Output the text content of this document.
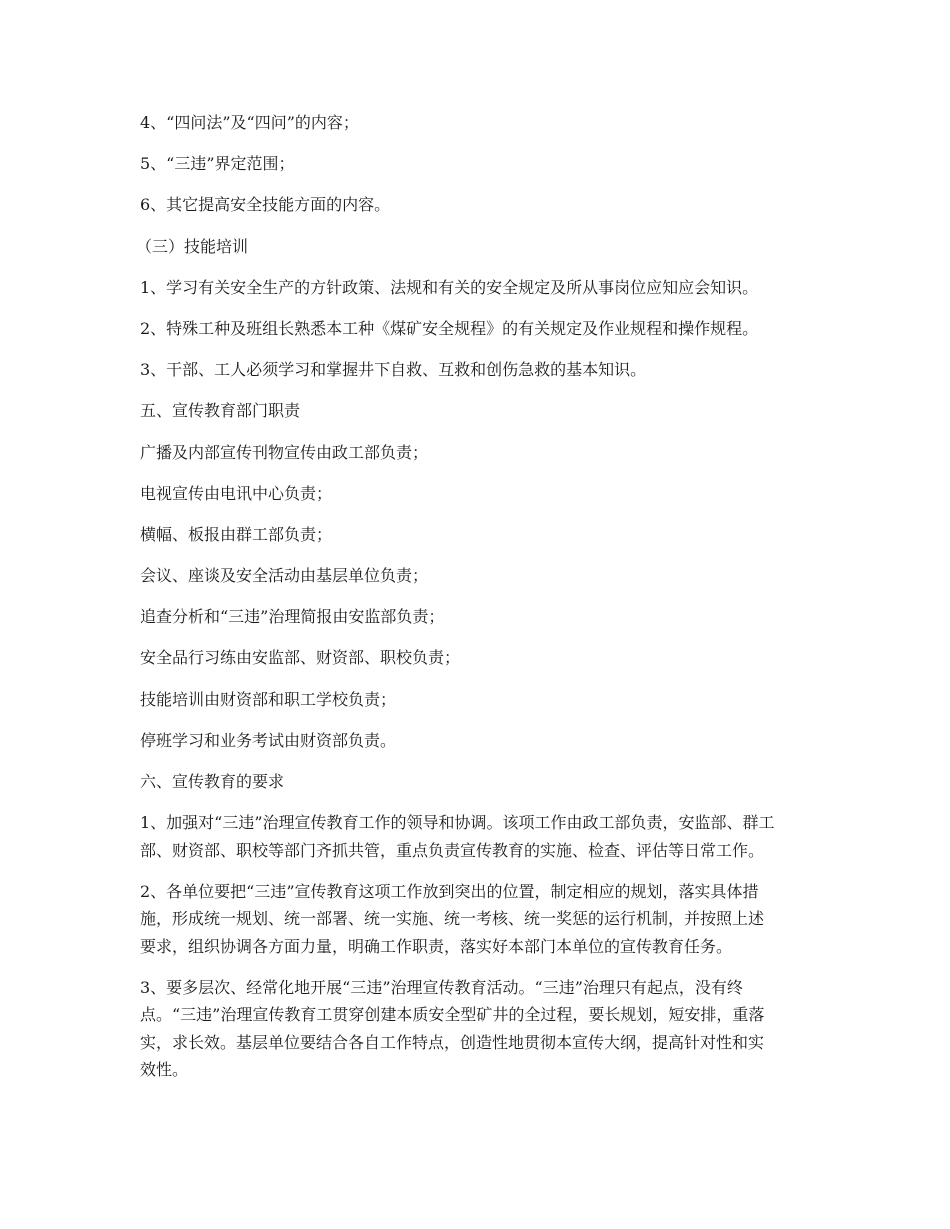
4、“四问法”及“四问”的内容；
5、“三违”界定范围；
6、其它提高安全技能方面的内容。
（三）技能培训
1、学习有关安全生产的方针政策、法规和有关的安全规定及所从事岗位应知应会知识。
2、特殊工种及班组长熟悉本工种《煤矿安全规程》的有关规定及作业规程和操作规程。
3、干部、工人必须学习和掌握井下自救、互救和创伤急救的基本知识。
五、宣传教育部门职责
广播及内部宣传刊物宣传由政工部负责；
电视宣传由电讯中心负责；
横幅、板报由群工部负责；
会议、座谈及安全活动由基层单位负责；
追查分析和“三违”治理简报由安监部负责；
安全品行习练由安监部、财资部、职校负责；
技能培训由财资部和职工学校负责；
停班学习和业务考试由财资部负责。
六、宣传教育的要求
1、加强对“三违”治理宣传教育工作的领导和协调。该项工作由政工部负责，安监部、群工
部、财资部、职校等部门齐抓共管，重点负责宣传教育的实施、检查、评估等日常工作。
2、各单位要把“三违”宣传教育这项工作放到突出的位置，制定相应的规划，落实具体措
施，形成统一规划、统一部署、统一实施、统一考核、统一奖惩的运行机制，并按照上述
要求，组织协调各方面力量，明确工作职责，落实好本部门本单位的宣传教育任务。
3、要多层次、经常化地开展“三违”治理宣传教育活动。“三违”治理只有起点，没有终
点。“三违”治理宣传教育工贯穿创建本质安全型矿井的全过程，要长规划，短安排，重落
实，求长效。基层单位要结合各自工作特点，创造性地贯彻本宣传大纲，提高针对性和实
效性。
